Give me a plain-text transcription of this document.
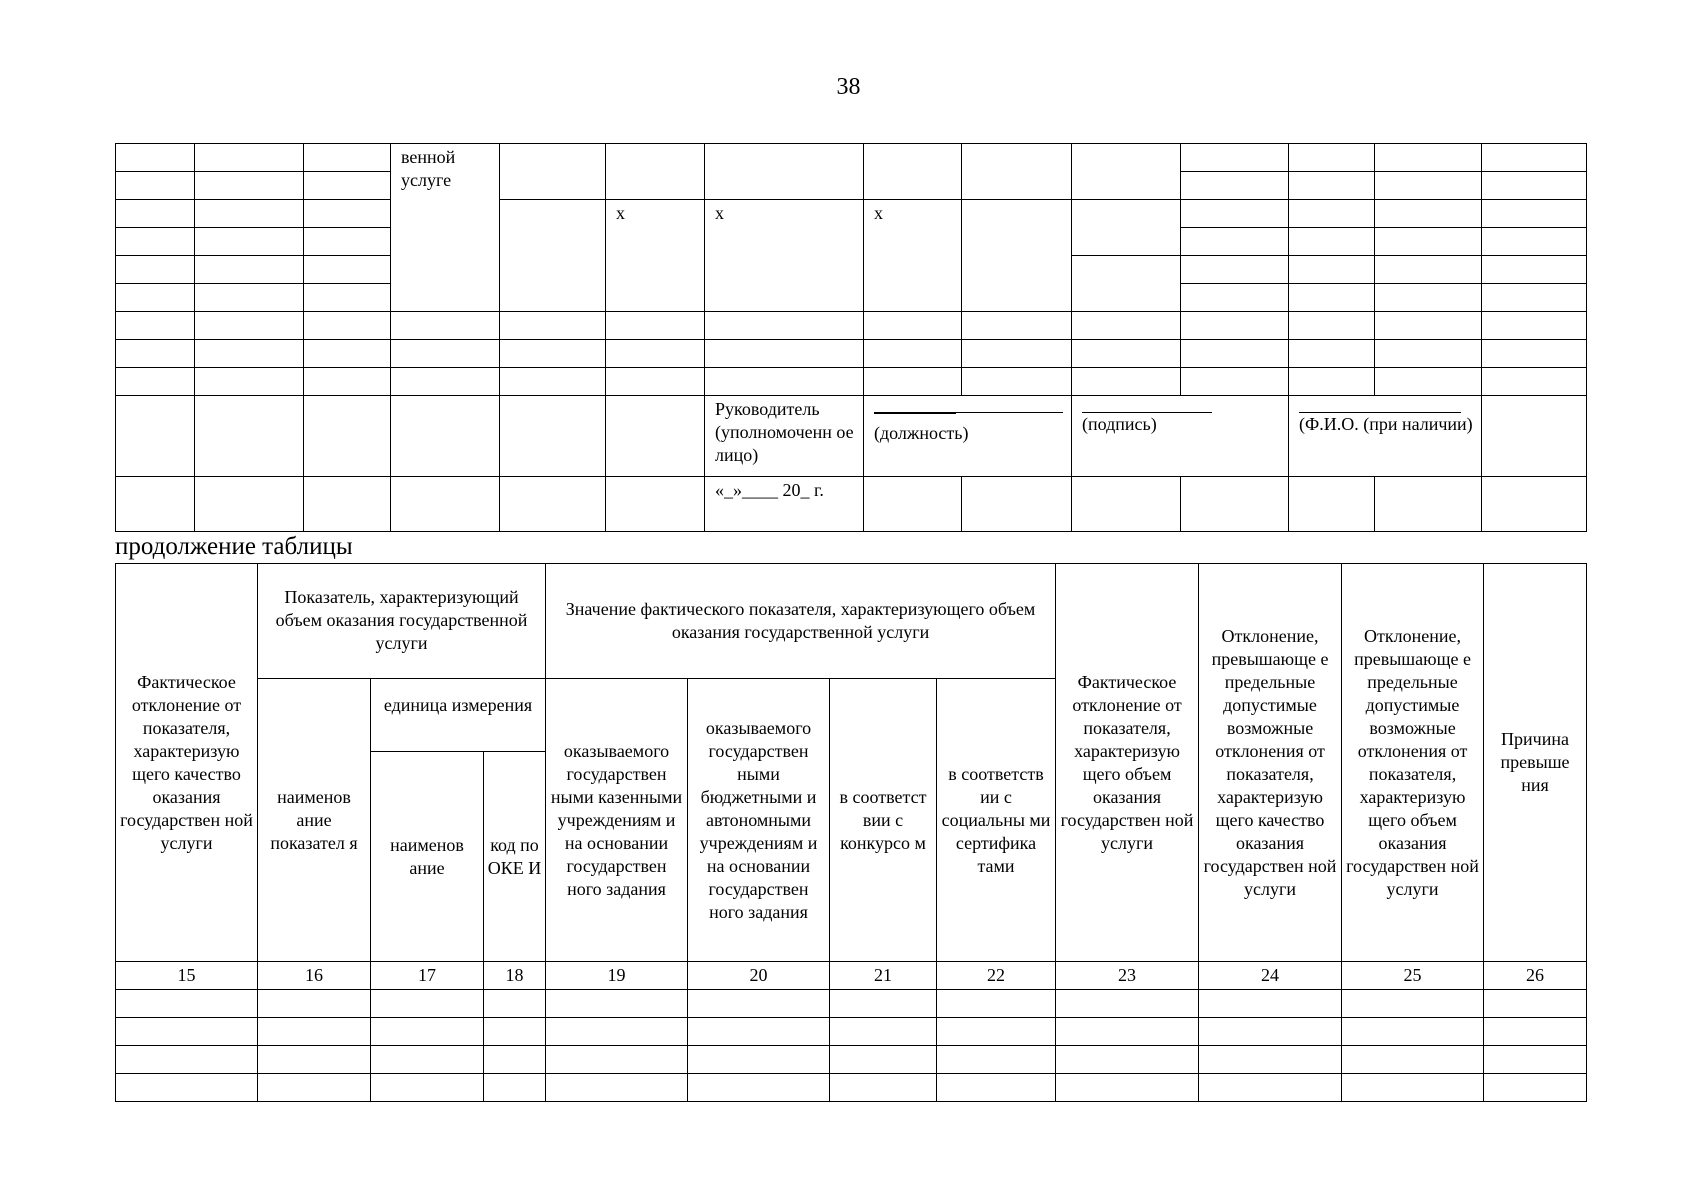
38
			венной
услуге										

					x	x	x						

						Руководитель (уполномоченн ое лицо)	(должность)		(подпись)		(Ф.И.О. (при наличии)		
						«_»____ 20_ г.							
продолжение таблицы
Фактическое отклонение от показателя, характеризую щего качество оказания государствен ной услуги	Показатель, характеризующий объем оказания государственной услуги			Значение фактического показателя, характеризующего объем оказания государственной услуги				Фактическое отклонение от показателя, характеризую щего объем оказания государствен ной услуги	Отклонение, превышающе е предельные допустимые возможные отклонения от показателя, характеризую щего качество оказания государствен ной услуги	Отклонение, превышающе е предельные допустимые возможные отклонения от показателя, характеризую щего объем оказания государствен ной услуги	Причина превыше ния
	наименов ание показател я	единица измерения		оказываемого государствен ными казенными учреждениям и на основании государствен ного задания	оказываемого государствен ными бюджетными и автономными учреждениям и на основании государствен ного задания	в соответст вии с конкурсо м	в соответств ии с социальны ми сертифика тами				
		наименов ание	код по ОКЕ И								
15	16	17	18	19	20	21	22	23	24	25	26
